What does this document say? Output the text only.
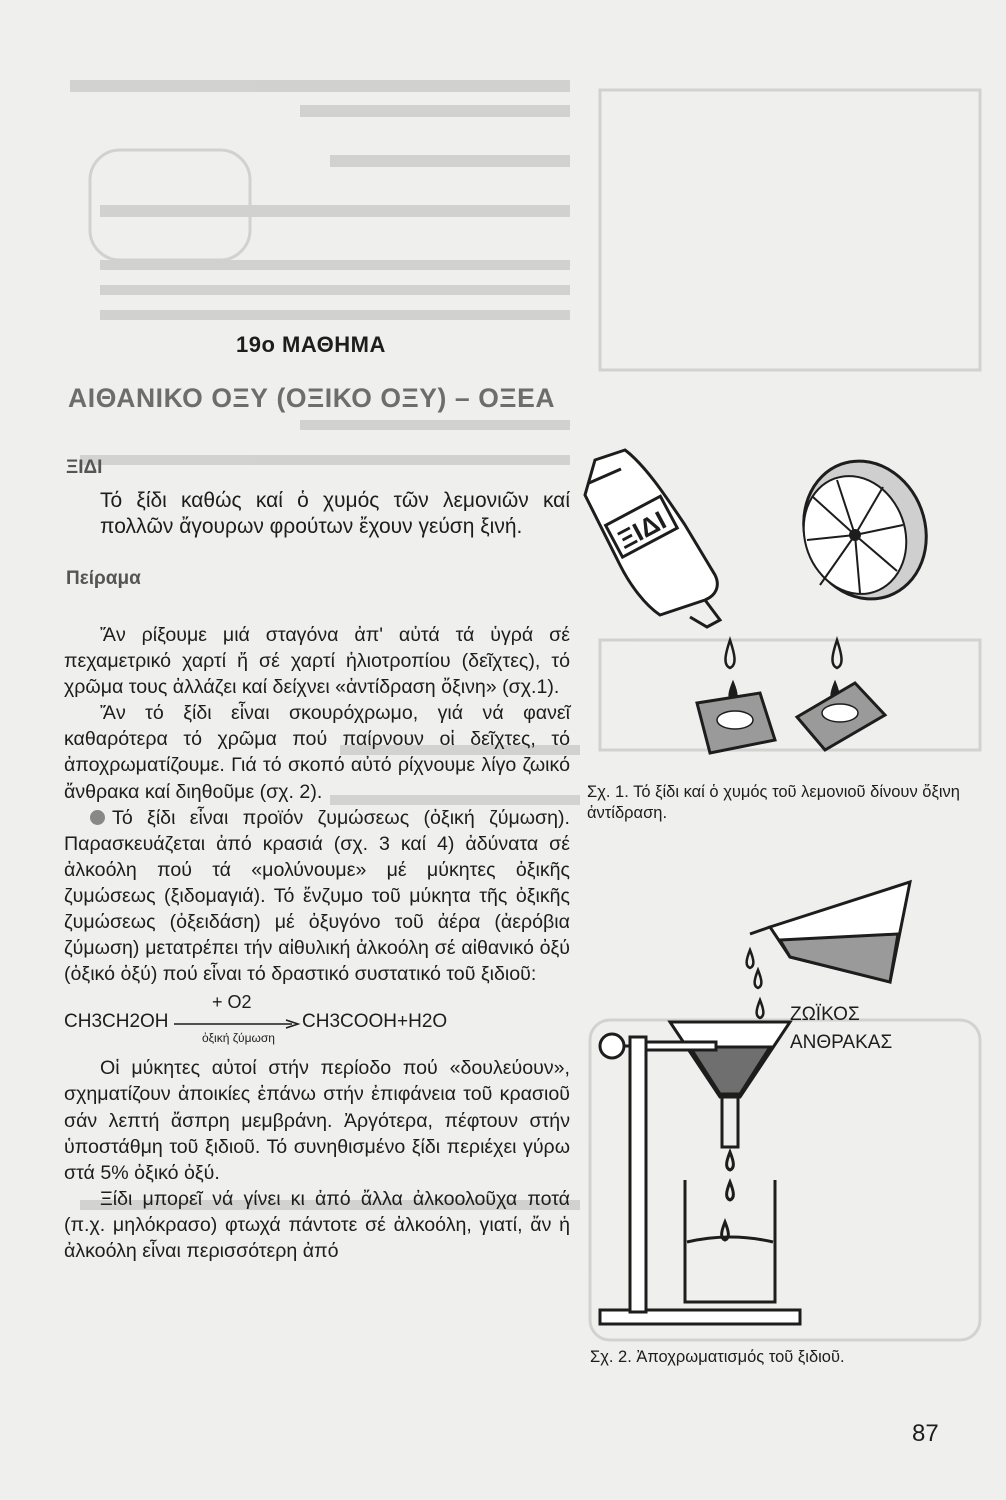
19ο ΜΑΘΗΜΑ
ΑΙΘΑΝΙΚΟ ΟΞΥ (ΟΞΙΚΟ ΟΞΥ) – ΟΞΕΑ
ΞΙΔΙ
Τό ξίδι καθώς καί ὁ χυμός τῶν λεμονιῶν καί πολλῶν ἄγουρων φρούτων ἔχουν γεύση ξινή.
Πείραμα

Ἄν ρίξουμε μιά σταγόνα ἀπ' αὐτά τά ὑγρά σέ πεχαμετρικό χαρτί ἤ σέ χαρτί ἡλιοτροπίου (δεῖχτες), τό χρῶμα τους ἀλλάζει καί δείχνει «ἀντίδραση ὄξινη» (σχ.1).

Ἄν τό ξίδι εἶναι σκουρόχρωμο, γιά νά φανεῖ καθαρότερα τό χρῶμα πού παίρνουν οἱ δεῖχτες, τό ἀποχρωματίζουμε. Γιά τό σκοπό αὐτό ρίχνουμε λίγο ζωικό ἄνθρακα καί διηθοῦμε (σχ. 2).

Τό ξίδι εἶναι προϊόν ζυμώσεως (ὀξική ζύμωση). Παρασκευάζεται ἀπό κρασιά (σχ. 3 καί 4) ἀδύνατα σέ ἀλκοόλη πού τά «μολύνουμε» μέ μύκητες ὀξικῆς ζυμώσεως (ξιδομαγιά). Τό ἔνζυμο τοῦ μύκητα τῆς ὀξικῆς ζυμώσεως (ὀξειδάση) μέ ὀξυγόνο τοῦ ἀέρα (ἀερόβια ζύμωση) μετατρέπει τήν αἰθυλική ἀλκοόλη σέ αἰθανικό ὀξύ (ὀξικό ὀξύ) πού εἶναι τό δραστικό συστατικό τοῦ ξιδιοῦ:

CH3CH2OH
+ O2
ὀξική ζύμωση
CH3COOH+H2O

Οἱ μύκητες αὐτοί στήν περίοδο πού «δουλεύουν», σχηματίζουν ἀποικίες ἐπάνω στήν ἐπιφάνεια τοῦ κρασιοῦ σάν λεπτή ἄσπρη μεμβράνη. Ἀργότερα, πέφτουν στήν ὑποστάθμη τοῦ ξιδιοῦ. Τό συνηθισμένο ξίδι περιέχει γύρω στά 5% ὀξικό ὀξύ.

Ξίδι μπορεῖ νά γίνει κι ἀπό ἄλλα ἀλκοολοῦχα ποτά (π.χ. μηλόκρασο) φτωχά πάντοτε σέ ἀλκοόλη, γιατί, ἄν ἡ ἀλκοόλη εἶναι περισσότερη ἀπό

ΞΙΔΙ
Σχ. 1. Τό ξίδι καί ὁ χυμός τοῦ λεμονιοῦ δίνουν ὄξινη ἀντίδραση.
ΖΩΪΚΟΣ
ΑΝΘΡΑΚΑΣ
Σχ. 2. Ἀποχρωματισμός τοῦ ξιδιοῦ.
87
